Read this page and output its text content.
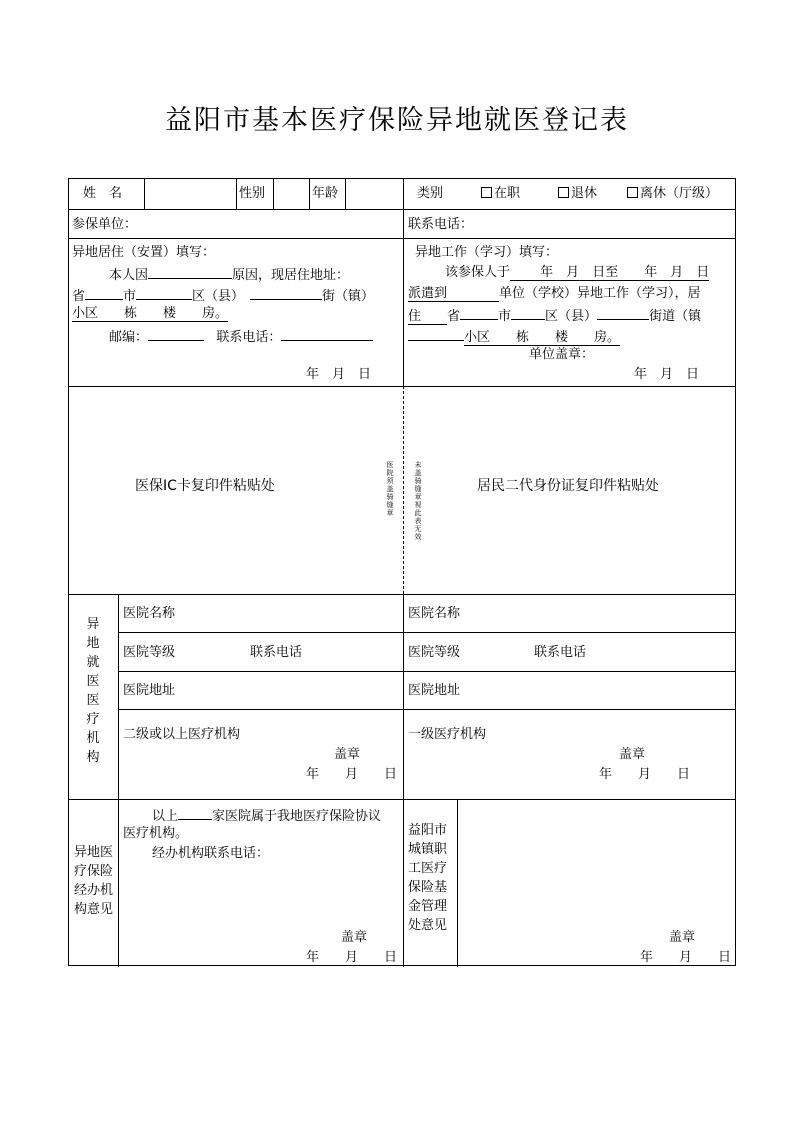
益阳市基本医疗保险异地就医登记表
姓　名	性别	年龄	类别	在职	退休	离休（厅级）
参保单位：	联系电话：
异地居住（安置）填写：
本人因	原因，现居住地址：
省	市	区（县）	街（镇）
小区   栋  楼  房。
邮编：	联系电话：
年　月　日
异地工作（学习）填写：
该参保人于   年  月  日至   年  月  日
派遣到    	单位（学校）异地工作（学习），居
住   省	市	区（县）	街道（镇
小区   栋  楼  房。
单位盖章：
年　月　日
医保IC卡复印件粘贴处	居民二代身份证复印件粘贴处
医院须盖骑缝章
未盖骑缝章视此表无效
异地就医医疗机构
医院名称	医院名称
医院等级	联系电话	医院等级	联系电话
医院地址	医院地址
二级或以上医疗机构
盖章
年   月   日
一级医疗机构
盖章
年   月   日
异地医疗保险经办机构意见
以上	家医院属于我地医疗保险协议
医疗机构。
经办机构联系电话：
盖章
年   月   日
益阳市城镇职工医疗保险基金管理处意见
盖章
年   月   日
